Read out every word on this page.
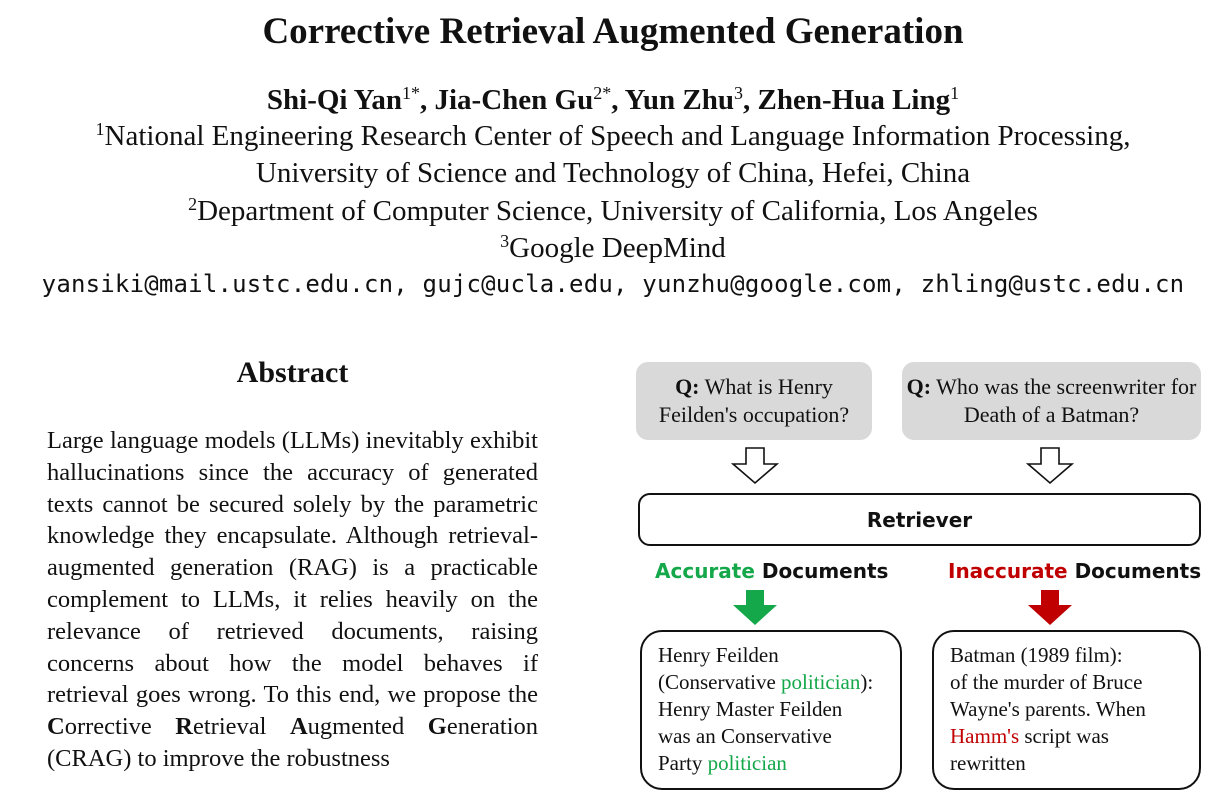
Corrective Retrieval Augmented Generation
Shi-Qi Yan$^{1*}$, Jia-Chen $Gu^{2*}$, Yun Zhu$^3$, Zhen-Hua Ling$^1$
$^1$National Engineering Research Center of Speech and Language Information Processing,
University of Science and Technology of China, Hefei, China
$^2$Department of Computer Science, University of California, Los Angeles
$^3$Google DeepMind
yansiki@mail.ustc.edu.cn, gujc@ucla.edu, yunzhu@google.com, zhling@ustc.edu.cn
Abstract
Large language models (LLMs) inevitably exhibit hallucinations since the accuracy of generated texts cannot be secured solely by the parametric knowledge they encapsulate. Although retrieval-augmented generation (RAG) is a practicable complement to LLMs, it relies heavily on the relevance of retrieved documents, raising concerns about how the model behaves if retrieval goes wrong. To this end, we propose the Corrective Retrieval Augmented Generation (CRAG) to improve the robustness
Q: What is Henry Feilden's occupation?
Q: Who was the screenwriter for Death of a Batman?
Retriever
Accurate Documents	Inaccurate Documents
Henry Feilden
(Conservative politician):
Henry Master Feilden
was an Conservative
Party politician
Batman (1989 film):
of the murder of Bruce
Wayne's parents. When
Hamm's script was
rewritten
